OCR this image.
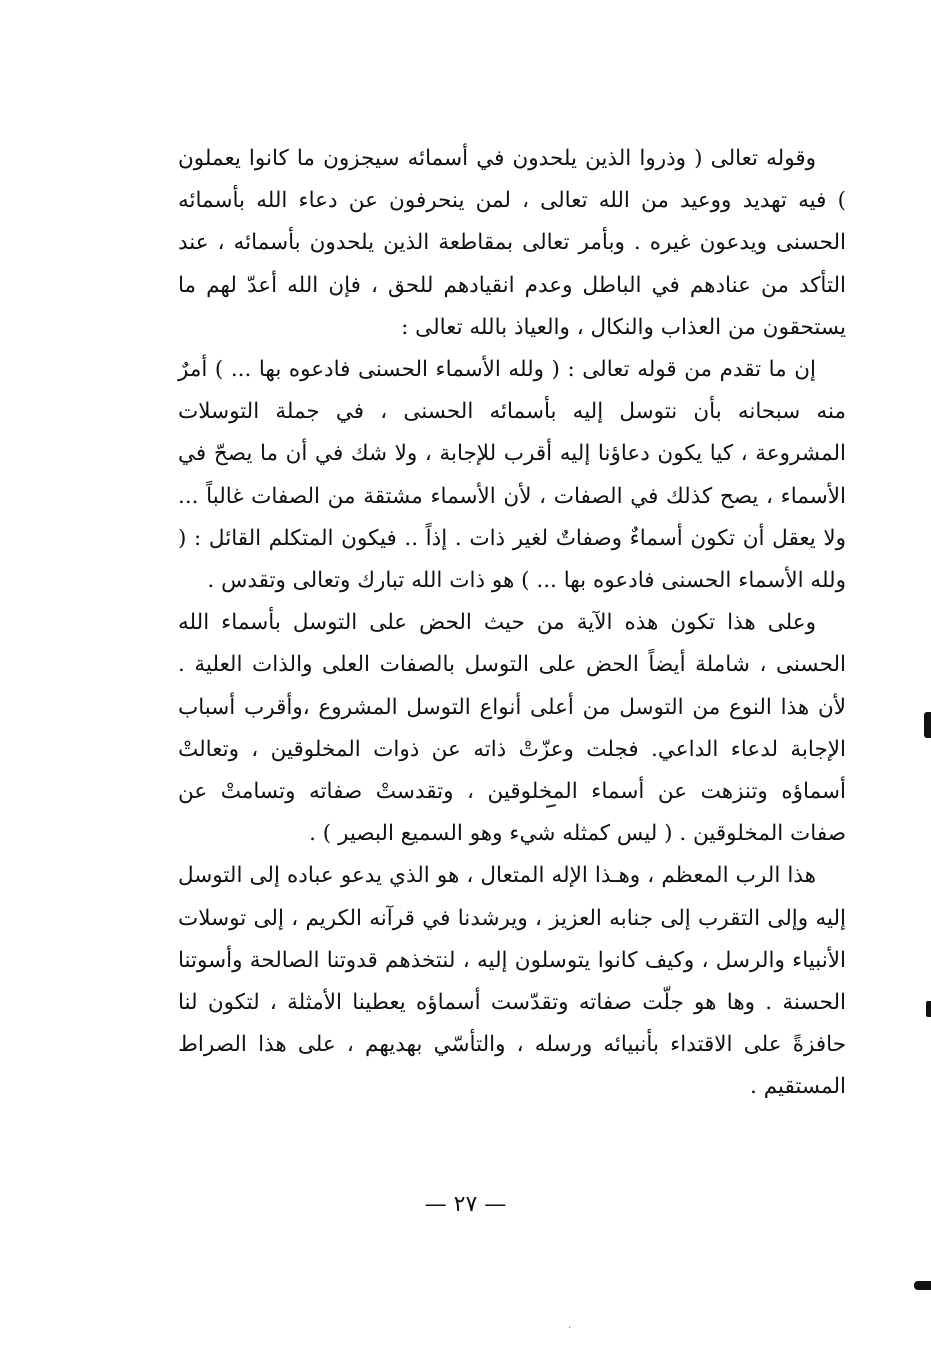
وقوله تعالى ( وذروا الذين يلحدون في أسمائه سيجزون ما كانوا يعملون ) فيه تهديد ووعيد من الله تعالى ، لمن ينحرفون عن دعاء الله بأسمائه الحسنى ويدعون غيره . وبأمر تعالى بمقاطعة الذين يلحدون بأسمائه ، عند التأكد من عنادهم في الباطل وعدم انقيادهم للحق ، فإن الله أعدّ لهم ما يستحقون من العذاب والنكال ، والعياذ بالله تعالى :

إن ما تقدم من قوله تعالى : ( ولله الأسماء الحسنى فادعوه بها ... ) أمرٌ منه سبحانه بأن نتوسل إليه بأسمائه الحسنى ، في جملة التوسلات المشروعة ، كيا يكون دعاؤنا إليه أقرب للإجابة ، ولا شك في أن ما يصحّ في الأسماء ، يصح كذلك في الصفات ، لأن الأسماء مشتقة من الصفات غالباً ... ولا يعقل أن تكون أسماءٌ وصفاتٌ لغير ذات . إذاً .. فيكون المتكلم القائل : ( ولله الأسماء الحسنى فادعوه بها ... ) هو ذات الله تبارك وتعالى وتقدس .

وعلى هذا تكون هذه الآية من حيث الحض على التوسل بأسماء الله الحسنى ، شاملة أيضاً الحض على التوسل بالصفات العلى والذات العلية . لأن هذا النوع من التوسل من أعلى أنواع التوسل المشروع ،وأقرب أسباب الإجابة لدعاء الداعي. فجلت وعزّتْ ذاته عن ذوات المخلوقين ، وتعالتْ أسماؤه وتنزهت عن أسماء المخلوقين ، وتقدستْ صفاته وتسامتْ عن صفات المخلوقين . ( ليس كمثله شيء وهو السميع البصير ) .

هذا الرب المعظم ، وهـذا الإله المتعال ، هو الذي يدعو عباده إلى التوسل إليه وإلى التقرب إلى جنابه العزيز ، ويرشدنا في قرآنه الكريم ، إلى توسلات الأنبياء والرسل ، وكيف كانوا يتوسلون إليه ، لنتخذهم قدوتنا الصالحة وأسوتنا الحسنة . وها هو جلّت صفاته وتقدّست أسماؤه يعطينا الأمثلة ، لتكون لنا حافزةً على الاقتداء بأنبيائه ورسله ، والتأسّي بهديهم ، على هذا الصراط المستقيم .

— ٢٧ —
·
